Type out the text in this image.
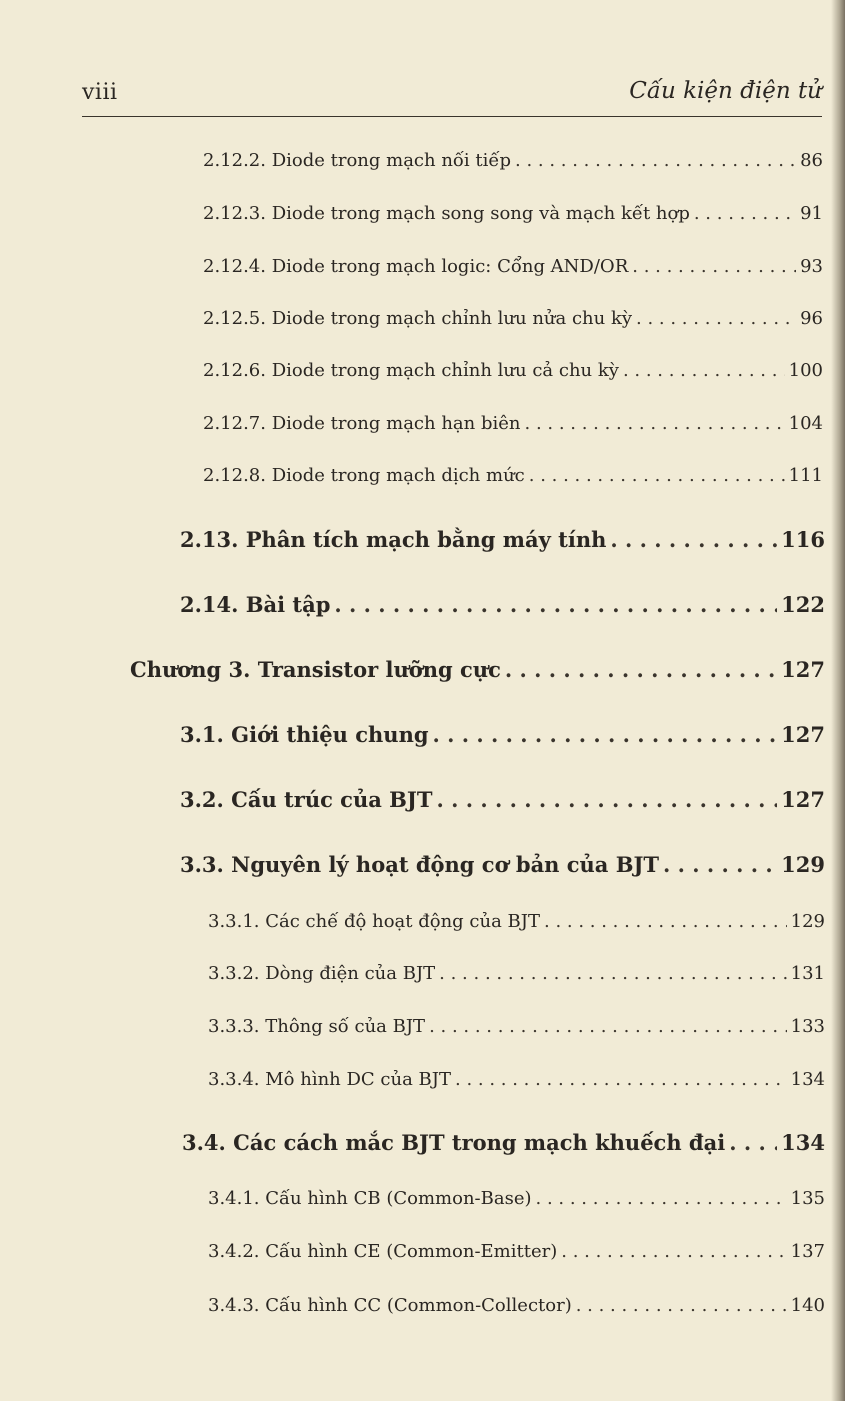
viii	Cấu kiện điện tử
2.12.2. Diode trong mạch nối tiếp . . .	86
2.12.3. Diode trong mạch song song và mạch kết hợp . . .	91
2.12.4. Diode trong mạch logic: Cổng AND/OR . . .	93
2.12.5. Diode trong mạch chỉnh lưu nửa chu kỳ . . .	96
2.12.6. Diode trong mạch chỉnh lưu cả chu kỳ . . .	100
2.12.7. Diode trong mạch hạn biên . . .	104
2.12.8. Diode trong mạch dịch mức . . .	111
2.13. Phân tích mạch bằng máy tính . . .	116
2.14. Bài tập . . .	122
Chương 3. Transistor lưỡng cực . . .	127
3.1. Giới thiệu chung . . .	127
3.2. Cấu trúc của BJT . . .	127
3.3. Nguyên lý hoạt động cơ bản của BJT . . .	129
3.3.1. Các chế độ hoạt động của BJT . . .	129
3.3.2. Dòng điện của BJT . . .	131
3.3.3. Thông số của BJT . . .	133
3.3.4. Mô hình DC của BJT . . .	134
3.4. Các cách mắc BJT trong mạch khuếch đại . . .	134
3.4.1. Cấu hình CB (Common-Base) . . .	135
3.4.2. Cấu hình CE (Common-Emitter) . . .	137
3.4.3. Cấu hình CC (Common-Collector) . . .	140
